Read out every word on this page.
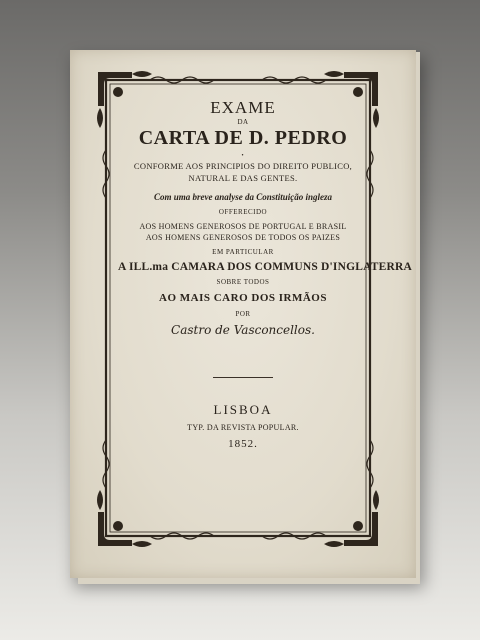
EXAME
DA
CARTA DE D. PEDRO
•
CONFORME AOS PRINCIPIOS DO DIREITO PUBLICO,
NATURAL E DAS GENTES.
Com uma breve analyse da Constituição ingleza
OFFERECIDO
AOS HOMENS GENEROSOS DE PORTUGAL E BRASIL
AOS HOMENS GENEROSOS DE TODOS OS PAIZES
EM PARTICULAR
A ILL.ma CAMARA DOS COMMUNS D'INGLATERRA
SOBRE TODOS
AO MAIS CARO DOS IRMÃOS
POR
Castro de Vasconcellos.
LISBOA
TYP. DA REVISTA POPULAR.
1852.
